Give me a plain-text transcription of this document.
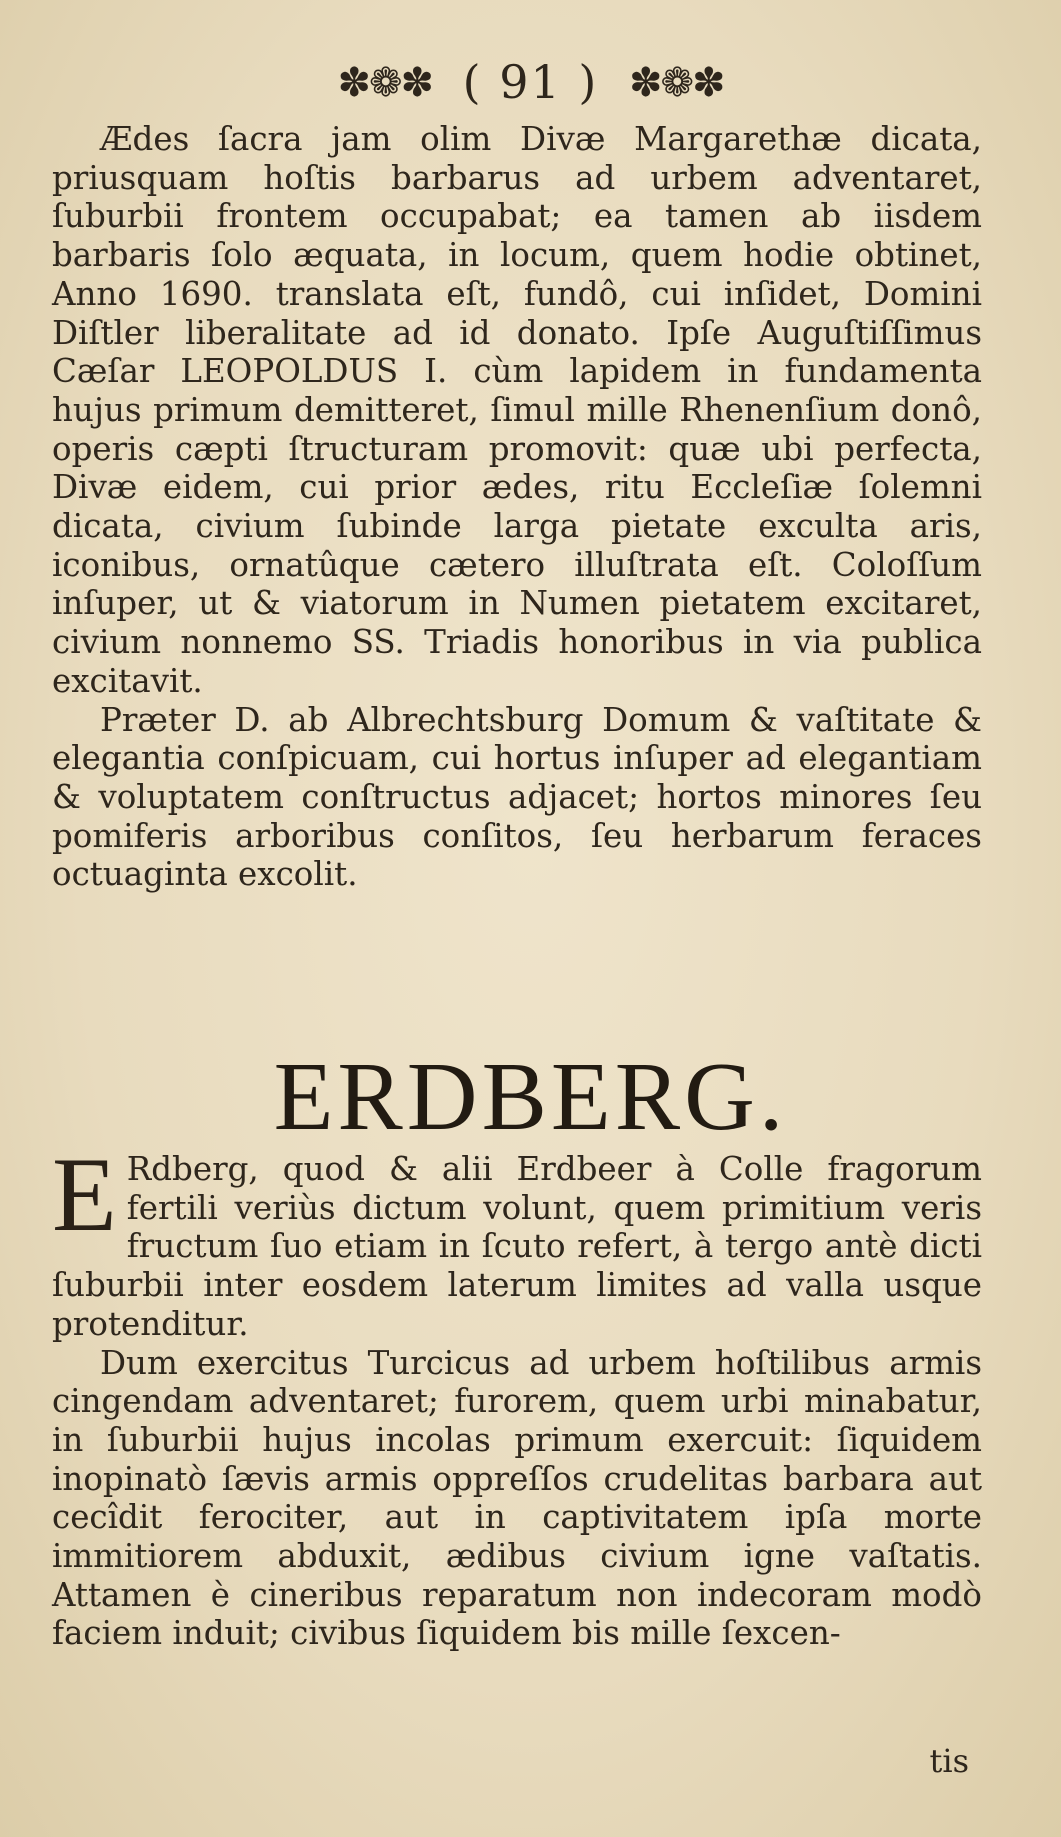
✽❁✽ ( 91 ) ✽❁✽

Ædes ſacra jam olim Divæ Margarethæ dicata, priusquam hoſtis barbarus ad urbem adventaret, ſuburbii frontem occupabat; ea tamen ab iisdem barbaris ſolo æquata, in locum, quem hodie obtinet, Anno 1690. translata eſt, fundô, cui inſidet, Domini Diſtler liberalitate ad id donato. Ipſe Auguſtiſſimus Cæſar LEOPOLDUS I. cùm lapidem in fundamenta hujus primum demitteret, ſimul mille Rhenenſium donô, operis cæpti ſtructuram promovit: quæ ubi perfecta, Divæ eidem, cui prior ædes, ritu Eccleſiæ ſolemni dicata, civium ſubinde larga pietate exculta aris, iconibus, ornatûque cætero illuſtrata eſt. Coloſſum inſuper, ut & viatorum in Numen pietatem excitaret, civium nonnemo SS. Triadis honoribus in via publica excitavit.

Præter D. ab Albrechtsburg Domum & vaſtitate & elegantia conſpicuam, cui hortus inſuper ad elegantiam & voluptatem conſtructus adjacet; hortos minores ſeu pomiferis arboribus conſitos, ſeu herbarum feraces octuaginta excolit.

ERDBERG.
E Rdberg, quod & alii Erdbeer à Colle fragorum fertili veriùs dictum volunt, quem primitium veris fructum ſuo etiam in ſcuto refert, à tergo antè dicti ſuburbii inter eosdem laterum limites ad valla usque protenditur.

Dum exercitus Turcicus ad urbem hoſtilibus armis cingendam adventaret; furorem, quem urbi minabatur, in ſuburbii hujus incolas primum exercuit: ſiquidem inopinatò ſævis armis oppreſſos crudelitas barbara aut cecîdit ferociter, aut in captivitatem ipſa morte immitiorem abduxit, ædibus civium igne vaſtatis. Attamen è cineribus reparatum non indecoram modò faciem induit; civibus ſiquidem bis mille ſexcen-

tis
